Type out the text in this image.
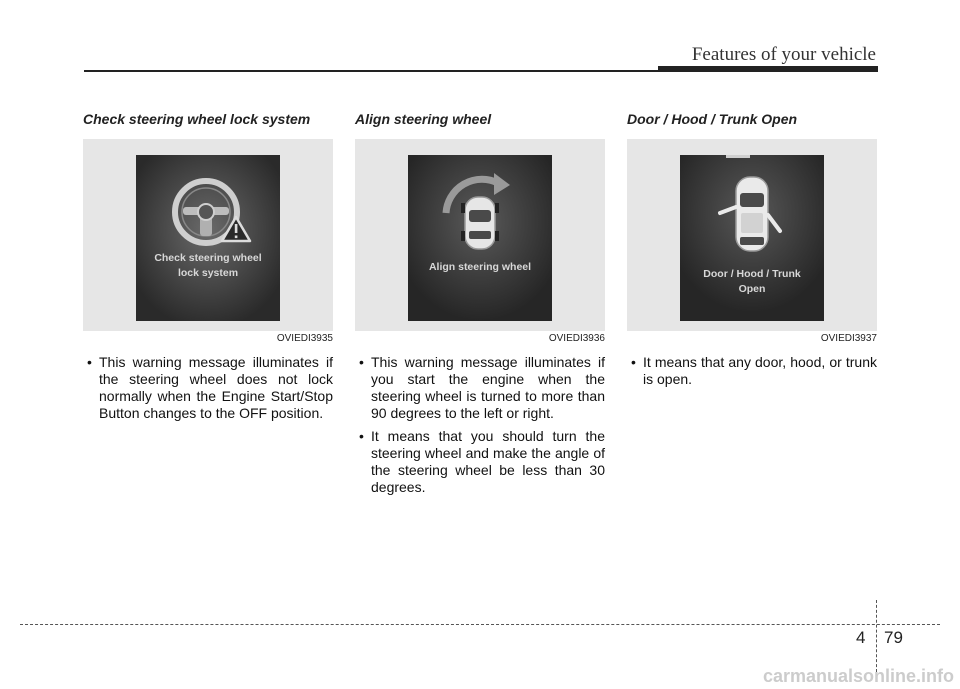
Features of your vehicle
Check steering wheel lock system
Check steering wheel
lock system
OVIEDI3935
• This warning message illuminates if the steering wheel does not lock normally when the Engine Start/Stop Button changes to the OFF position.
Align steering wheel
Align steering wheel
OVIEDI3936
• This warning message illuminates if you start the engine when the steering wheel is turned to more than 90 degrees to the left or right.
• It means that you should turn the steering wheel and make the angle of the steering wheel be less than 30 degrees.
Door / Hood / Trunk Open
Door / Hood / Trunk
Open
OVIEDI3937
• It means that any door, hood, or trunk is open.
4 79
carmanualsonline.info
